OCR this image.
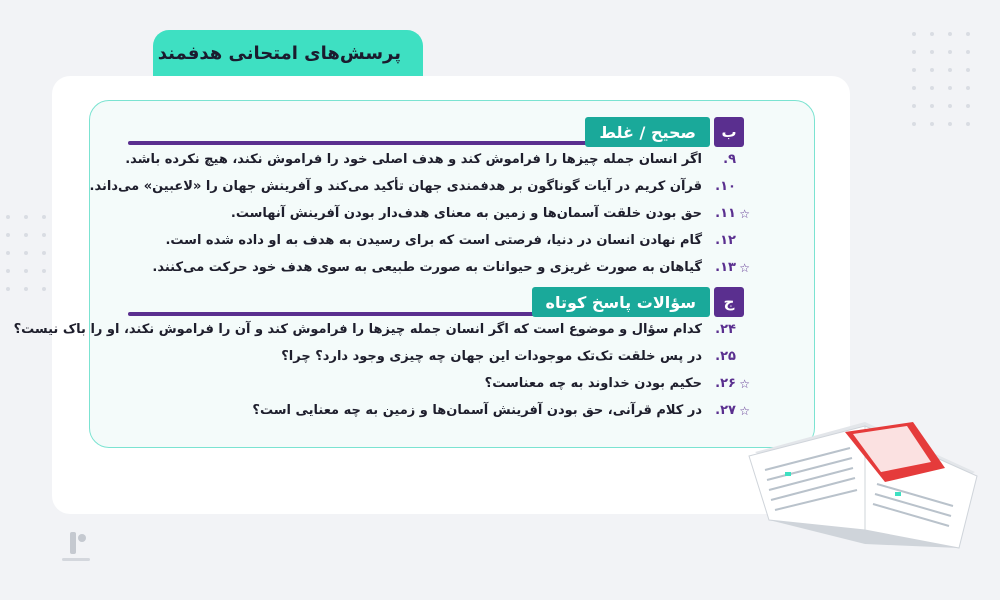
پرسش‌های امتحانی هدفمند
ب
صحیح / غلط
۹.
اگر انسان جمله چیزها را فراموش کند و هدف اصلی خود را فراموش نکند، هیچ نکرده باشد.
۱۰.
قرآن کریم در آیات گوناگون بر هدفمندی جهان تأکید می‌کند و آفرینش جهان را «لاعبین» می‌داند.
☆
۱۱.
حق بودن خلقت آسمان‌ها و زمین به معنای هدف‌دار بودن آفرینش آنهاست.
۱۲.
گام نهادن انسان در دنیا، فرصتی است که برای رسیدن به هدف به او داده شده است.
☆
۱۳.
گیاهان به صورت غریزی و حیوانات به صورت طبیعی به سوی هدف خود حرکت می‌کنند.
ج
سؤالات پاسخ کوتاه
۲۴.
کدام سؤال و موضوع است که اگر انسان جمله چیزها را فراموش کند و آن را فراموش نکند، او را باک نیست؟
۲۵.
در پس خلقت تک‌تک موجودات این جهان چه چیزی وجود دارد؟ چرا؟
☆
۲۶.
حکیم بودن خداوند به چه معناست؟
☆
۲۷.
در کلام قرآنی، حق بودن آفرینش آسمان‌ها و زمین به چه معنایی است؟
